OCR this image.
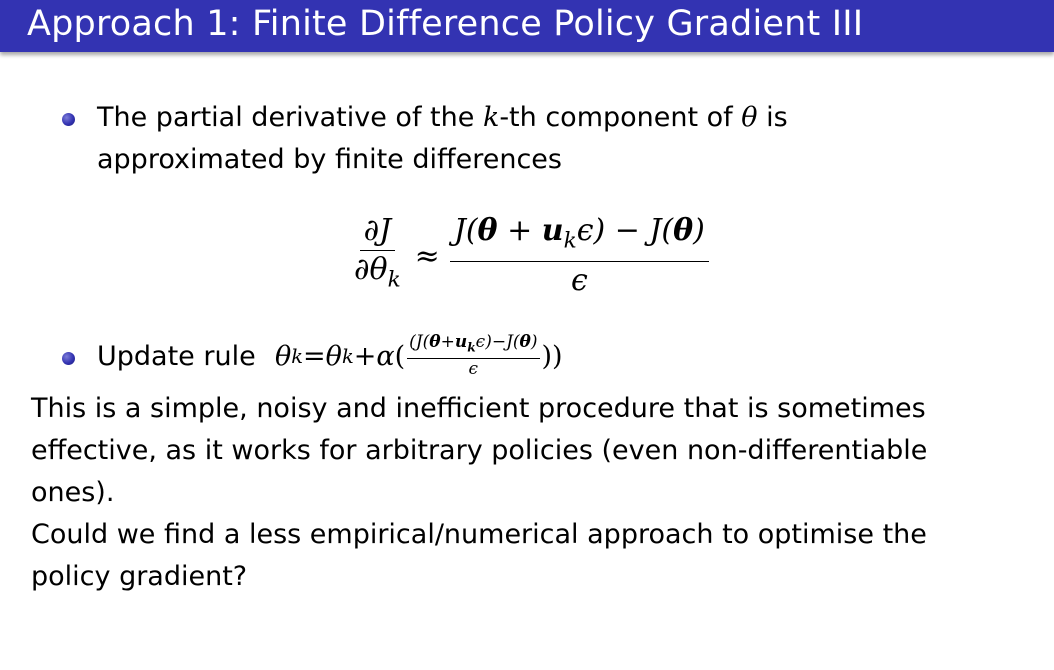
Approach 1: Finite Difference Policy Gradient III
The partial derivative of the k-th component of θ is
approximated by finite differences
$\frac{\partial J}{\partial\theta_k} \approx \frac{J(\theta + u_k\epsilon) - J(\theta)}{\epsilon}$
Update rule θ k = θ k + α ( $\frac{(J(\theta+u_k\epsilon)-J(\theta)}{\epsilon}$ ))
This is a simple, noisy and inefficient procedure that is sometimes
effective, as it works for arbitrary policies (even non-differentiable
ones).
Could we find a less empirical/numerical approach to optimise the
policy gradient?
